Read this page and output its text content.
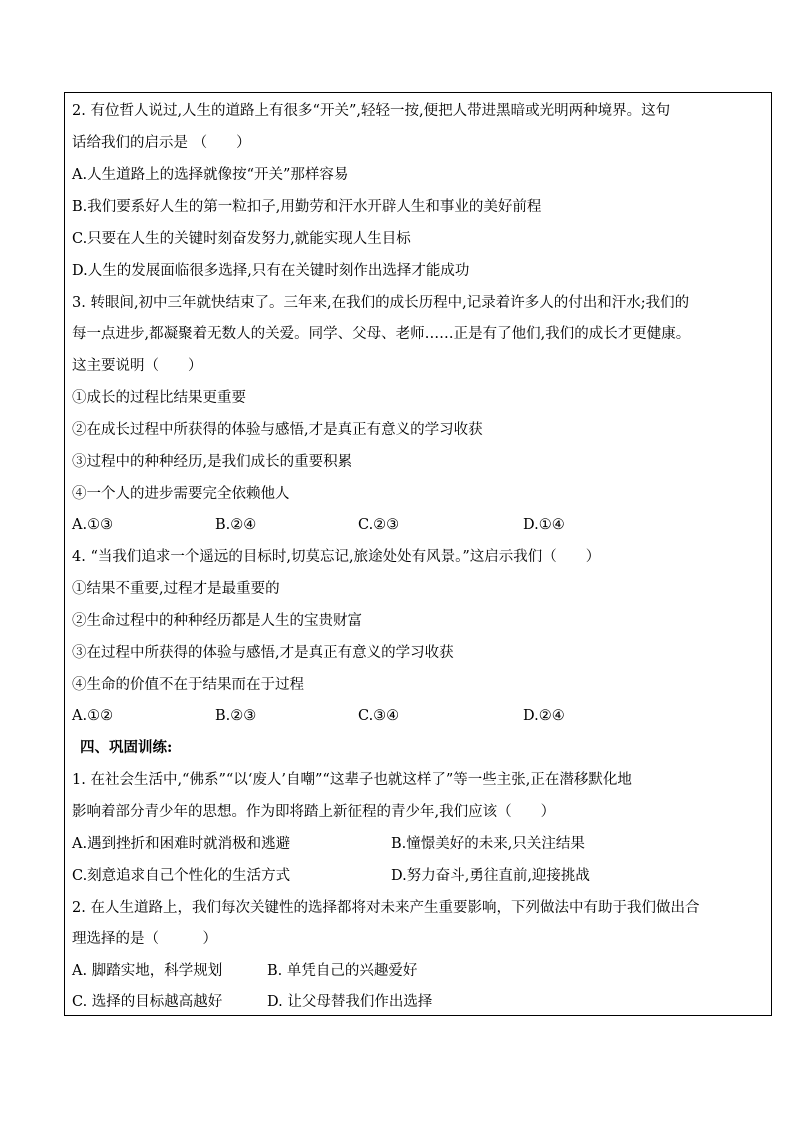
2. 有位哲人说过,人生的道路上有很多“开关”,轻轻一按,便把人带进黑暗或光明两种境界。这句
话给我们的启示是 （　　）
A.人生道路上的选择就像按“开关”那样容易
B.我们要系好人生的第一粒扣子,用勤劳和汗水开辟人生和事业的美好前程
C.只要在人生的关键时刻奋发努力,就能实现人生目标
D.人生的发展面临很多选择,只有在关键时刻作出选择才能成功
3. 转眼间,初中三年就快结束了。三年来,在我们的成长历程中,记录着许多人的付出和汗水;我们的
每一点进步,都凝聚着无数人的关爱。同学、父母、老师……正是有了他们,我们的成长才更健康。
这主要说明（　　）
①成长的过程比结果更重要
②在成长过程中所获得的体验与感悟,才是真正有意义的学习收获
③过程中的种种经历,是我们成长的重要积累
④一个人的进步需要完全依赖他人
A.①③	B.②④	C.②③	D.①④
4. “当我们追求一个遥远的目标时,切莫忘记,旅途处处有风景。”这启示我们（　　）
①结果不重要,过程才是最重要的
②生命过程中的种种经历都是人生的宝贵财富
③在过程中所获得的体验与感悟,才是真正有意义的学习收获
④生命的价值不在于结果而在于过程
A.①②	B.②③	C.③④	D.②④
四、巩固训练:
1. 在社会生活中,“佛系”“以‘废人’自嘲”“这辈子也就这样了”等一些主张,正在潜移默化地
影响着部分青少年的思想。作为即将踏上新征程的青少年,我们应该（　　）
A.遇到挫折和困难时就消极和逃避	B.憧憬美好的未来,只关注结果
C.刻意追求自己个性化的生活方式	D.努力奋斗,勇往直前,迎接挑战
2. 在人生道路上，我们每次关键性的选择都将对未来产生重要影响，下列做法中有助于我们做出合
理选择的是（　　　）
A. 脚踏实地，科学规划	B. 单凭自己的兴趣爱好
C. 选择的目标越高越好	D. 让父母替我们作出选择
